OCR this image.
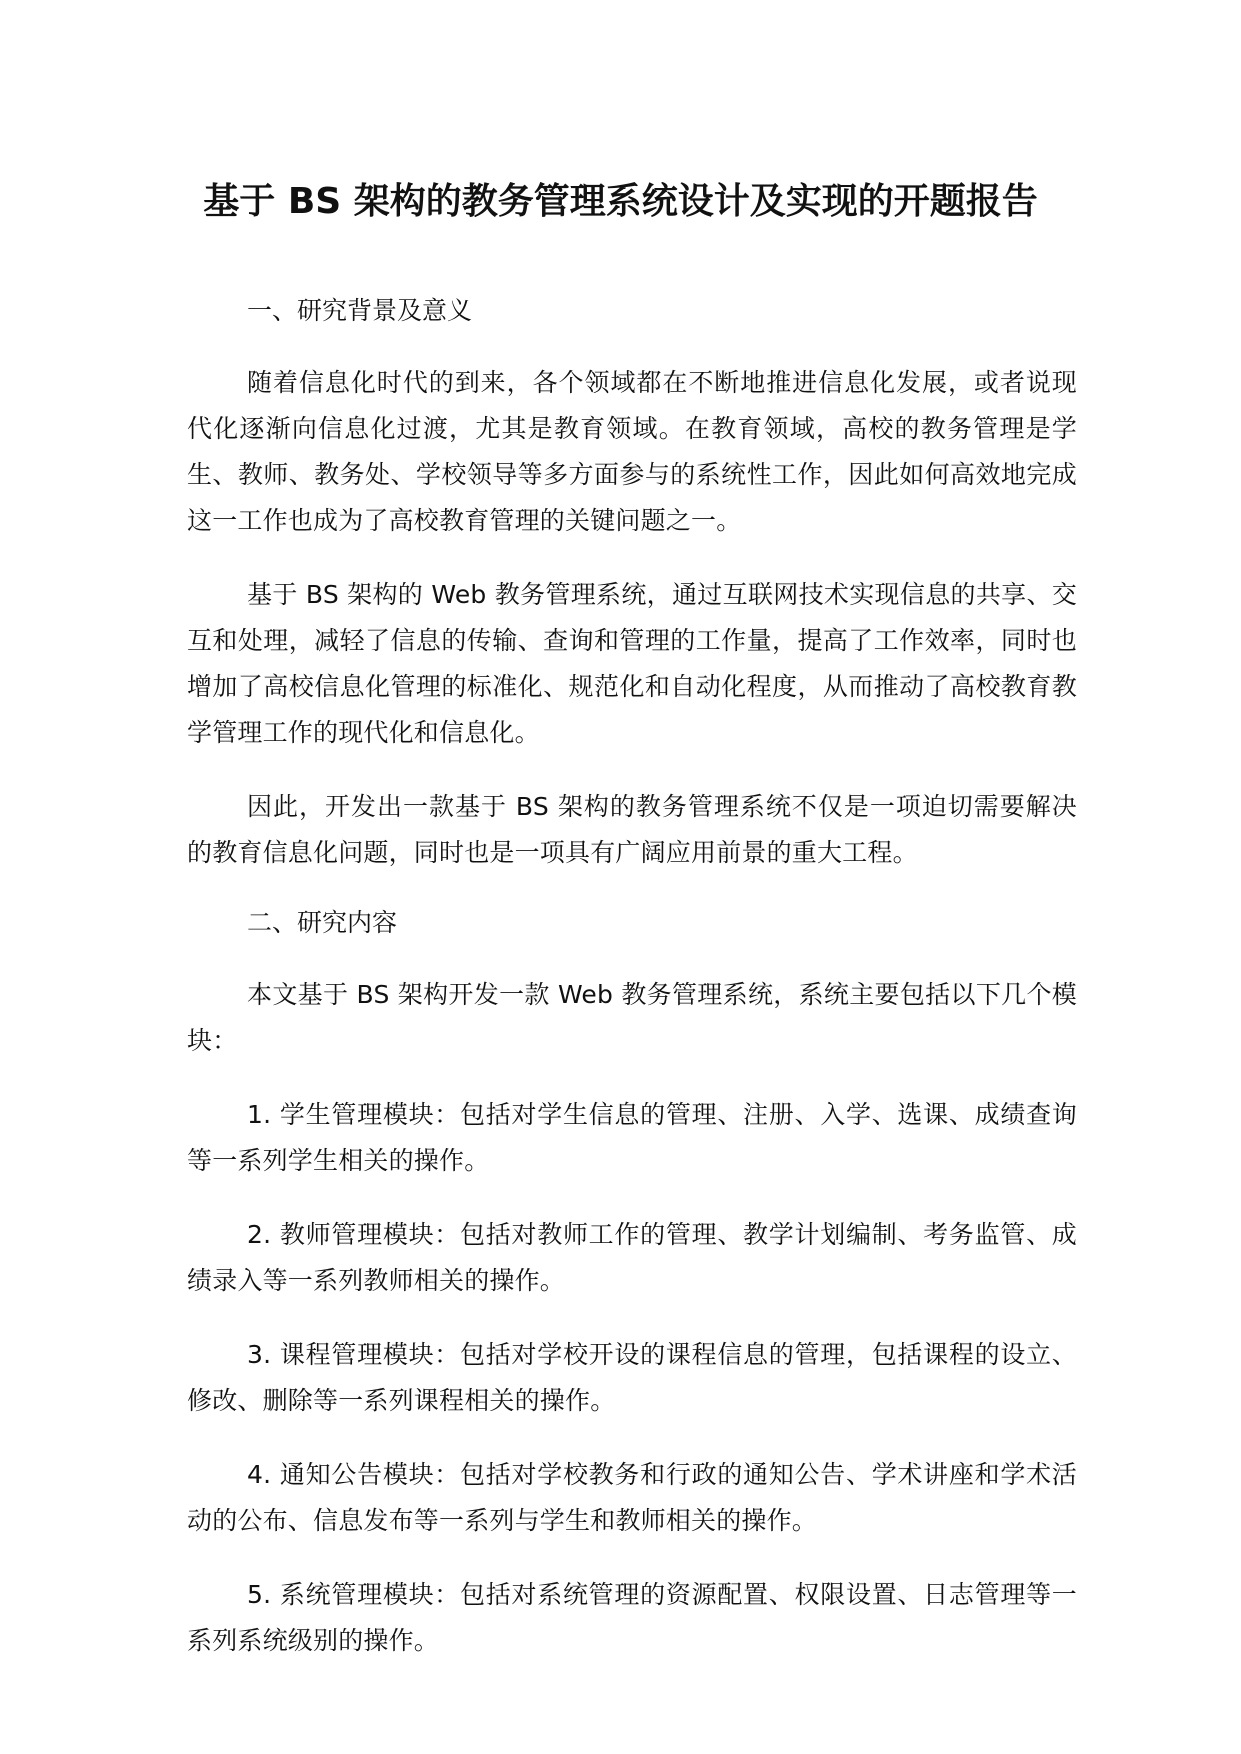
基于 BS 架构的教务管理系统设计及实现的开题报告
一、研究背景及意义

随着信息化时代的到来，各个领域都在不断地推进信息化发展，或者说现代化逐渐向信息化过渡，尤其是教育领域。在教育领域，高校的教务管理是学生、教师、教务处、学校领导等多方面参与的系统性工作，因此如何高效地完成这一工作也成为了高校教育管理的关键问题之一。

基于 BS 架构的 Web 教务管理系统，通过互联网技术实现信息的共享、交互和处理，减轻了信息的传输、查询和管理的工作量，提高了工作效率，同时也增加了高校信息化管理的标准化、规范化和自动化程度，从而推动了高校教育教学管理工作的现代化和信息化。

因此，开发出一款基于 BS 架构的教务管理系统不仅是一项迫切需要解决的教育信息化问题，同时也是一项具有广阔应用前景的重大工程。

二、研究内容

本文基于 BS 架构开发一款 Web 教务管理系统，系统主要包括以下几个模块：

1. 学生管理模块：包括对学生信息的管理、注册、入学、选课、成绩查询等一系列学生相关的操作。
2. 教师管理模块：包括对教师工作的管理、教学计划编制、考务监管、成绩录入等一系列教师相关的操作。
3. 课程管理模块：包括对学校开设的课程信息的管理，包括课程的设立、修改、删除等一系列课程相关的操作。
4. 通知公告模块：包括对学校教务和行政的通知公告、学术讲座和学术活动的公布、信息发布等一系列与学生和教师相关的操作。
5. 系统管理模块：包括对系统管理的资源配置、权限设置、日志管理等一系列系统级别的操作。
